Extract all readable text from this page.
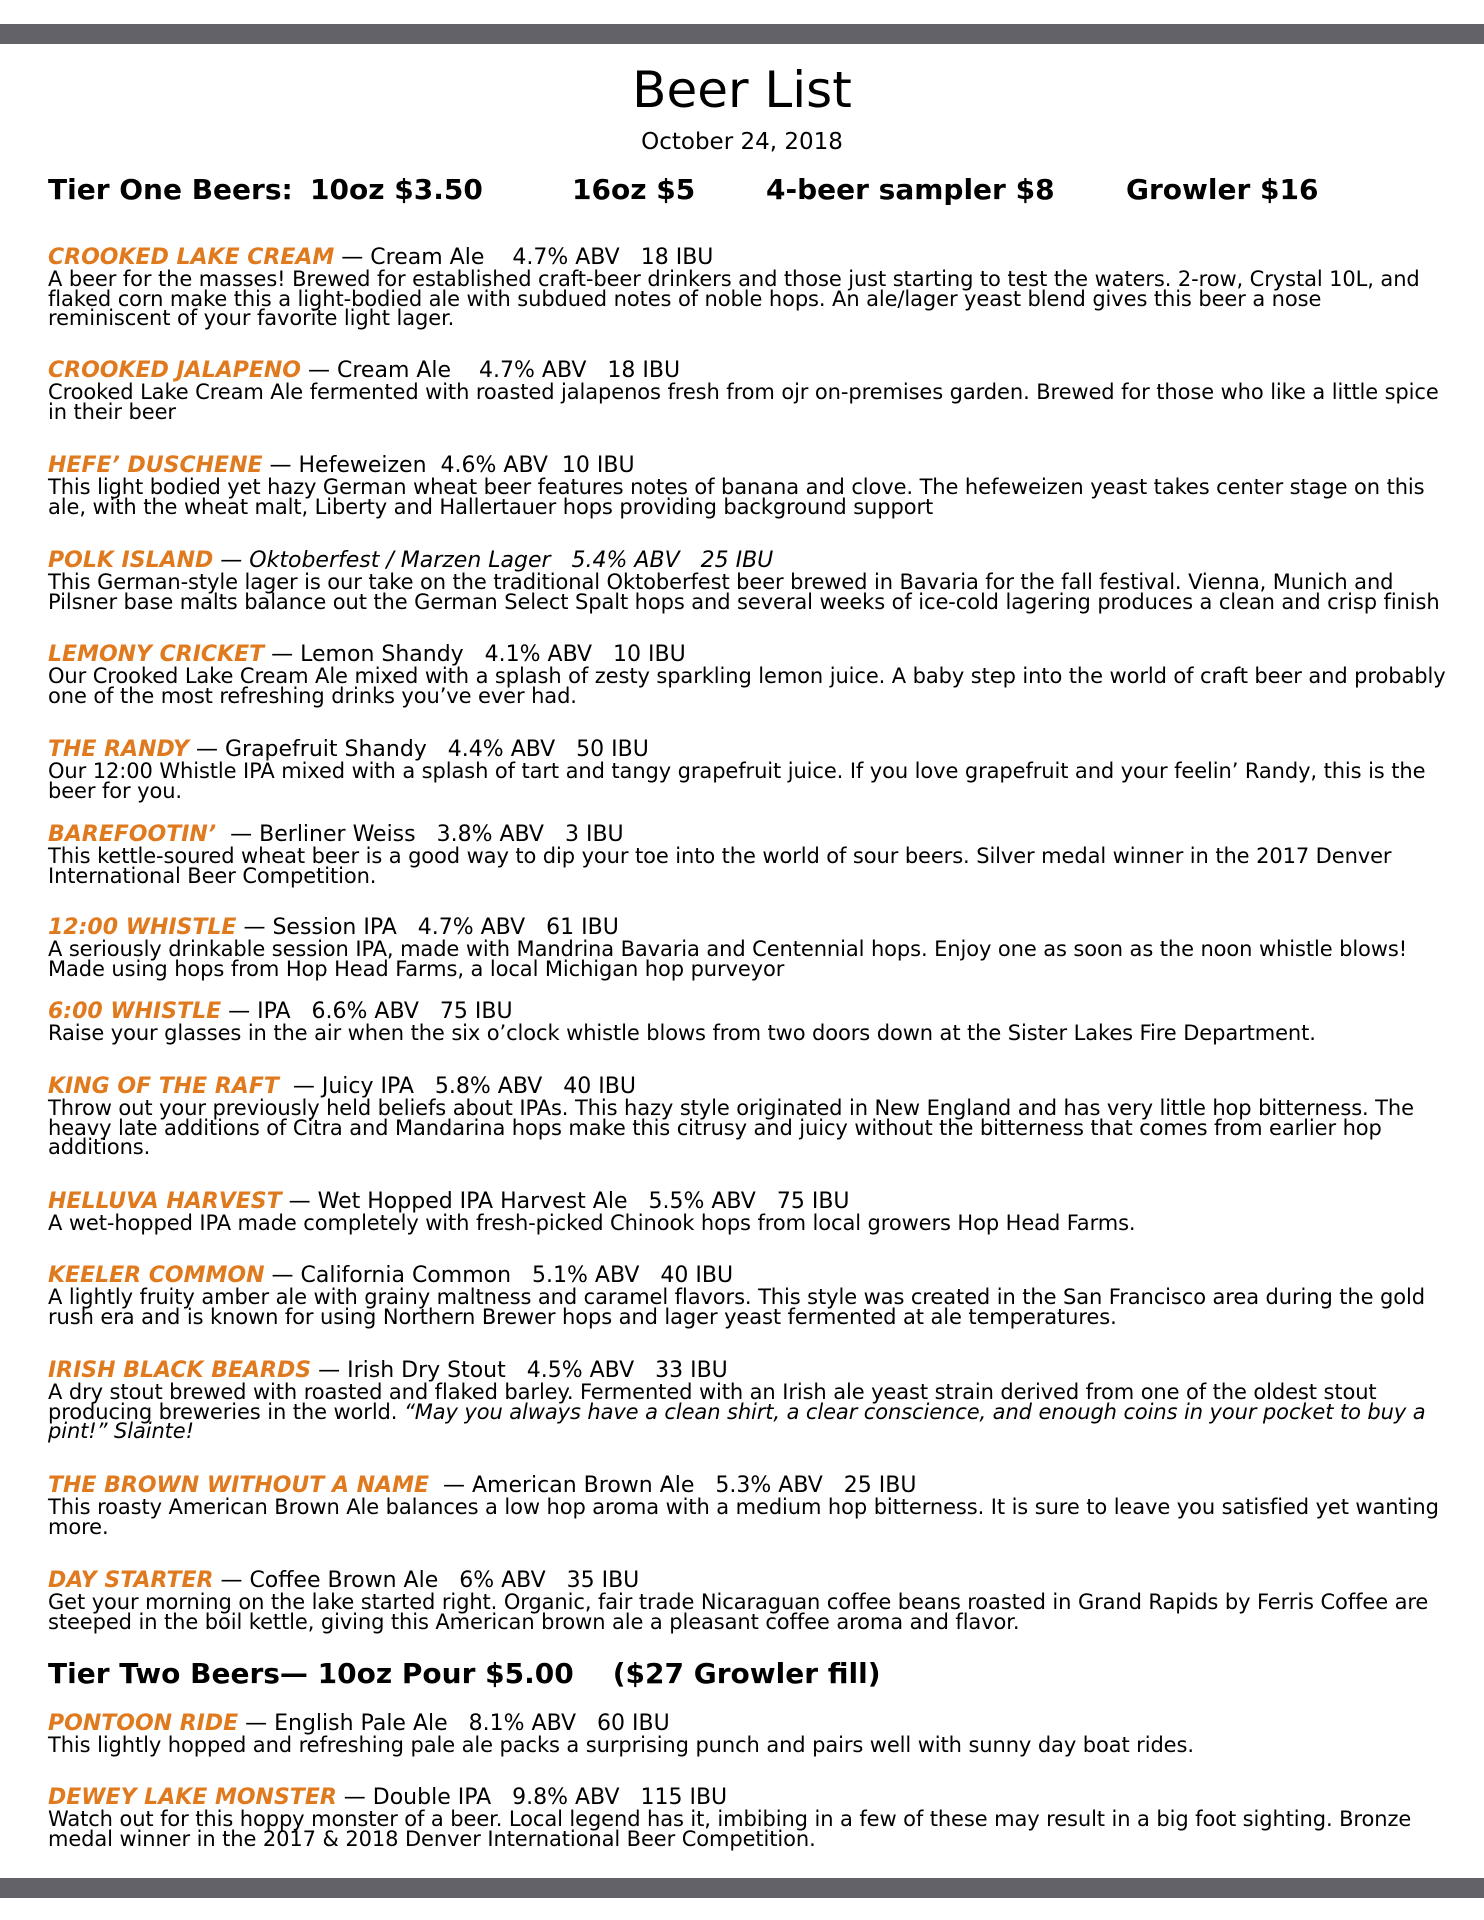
Beer List
October 24, 2018
Tier One Beers: 10oz $3.50	16oz $5	4-beer sampler $8	Growler $16
CROOKED LAKE CREAM — Cream Ale    4.7% ABV   18 IBU
A beer for the masses! Brewed for established craft-beer drinkers and those just starting to test the waters. 2-row, Crystal 10L, and flaked corn make this a light-bodied ale with subdued notes of noble hops. An ale/lager yeast blend gives this beer a nose reminiscent of your favorite light lager.
CROOKED JALAPENO — Cream Ale    4.7% ABV   18 IBU
Crooked Lake Cream Ale fermented with roasted jalapenos fresh from ojr on-premises garden. Brewed for those who like a little spice in their beer
HEFE’ DUSCHENE — Hefeweizen  4.6% ABV  10 IBU
This light bodied yet hazy German wheat beer features notes of banana and clove. The hefeweizen yeast takes center stage on this ale, with the wheat malt, Liberty and Hallertauer hops providing background support
POLK ISLAND — Oktoberfest / Marzen Lager   5.4% ABV   25 IBU
This German-style lager is our take on the traditional Oktoberfest beer brewed in Bavaria for the fall festival. Vienna, Munich and Pilsner base malts balance out the German Select Spalt hops and several weeks of ice-cold lagering produces a clean and crisp finish
LEMONY CRICKET — Lemon Shandy   4.1% ABV   10 IBU
Our Crooked Lake Cream Ale mixed with a splash of zesty sparkling lemon juice. A baby step into the world of craft beer and probably one of the most refreshing drinks you’ve ever had.
THE RANDY — Grapefruit Shandy   4.4% ABV   50 IBU
Our 12:00 Whistle IPA mixed with a splash of tart and tangy grapefruit juice. If you love grapefruit and your feelin’ Randy, this is the beer for you.
BAREFOOTIN’  — Berliner Weiss   3.8% ABV   3 IBU
This kettle-soured wheat beer is a good way to dip your toe into the world of sour beers. Silver medal winner in the 2017 Denver International Beer Competition.
12:00 WHISTLE — Session IPA   4.7% ABV   61 IBU
A seriously drinkable session IPA, made with Mandrina Bavaria and Centennial hops. Enjoy one as soon as the noon whistle blows! Made using hops from Hop Head Farms, a local Michigan hop purveyor
6:00 WHISTLE — IPA   6.6% ABV   75 IBU
Raise your glasses in the air when the six o’clock whistle blows from two doors down at the Sister Lakes Fire Department.
KING OF THE RAFT  — Juicy IPA   5.8% ABV   40 IBU
Throw out your previously held beliefs about IPAs. This hazy style originated in New England and has very little hop bitterness. The heavy late additions of Citra and Mandarina hops make this citrusy and juicy without the bitterness that comes from earlier hop additions.
HELLUVA HARVEST — Wet Hopped IPA Harvest Ale   5.5% ABV   75 IBU
A wet-hopped IPA made completely with fresh-picked Chinook hops from local growers Hop Head Farms.
KEELER COMMON — California Common   5.1% ABV   40 IBU
A lightly fruity amber ale with grainy maltness and caramel flavors. This style was created in the San Francisco area during the gold rush era and is known for using Northern Brewer hops and lager yeast fermented at ale temperatures.
IRISH BLACK BEARDS — Irish Dry Stout   4.5% ABV   33 IBU
A dry stout brewed with roasted and flaked barley. Fermented with an Irish ale yeast strain derived from one of the oldest stout producing breweries in the world. “May you always have a clean shirt, a clear conscience, and enough coins in your pocket to buy a pint!” Slainte!
THE BROWN WITHOUT A NAME  — American Brown Ale   5.3% ABV   25 IBU
This roasty American Brown Ale balances a low hop aroma with a medium hop bitterness. It is sure to leave you satisfied yet wanting more.
DAY STARTER — Coffee Brown Ale   6% ABV   35 IBU
Get your morning on the lake started right. Organic, fair trade Nicaraguan coffee beans roasted in Grand Rapids by Ferris Coffee are steeped in the boil kettle, giving this American brown ale a pleasant coffee aroma and flavor.
Tier Two Beers— 10oz Pour $5.00    ($27 Growler fill)
PONTOON RIDE — English Pale Ale   8.1% ABV   60 IBU
This lightly hopped and refreshing pale ale packs a surprising punch and pairs well with sunny day boat rides.
DEWEY LAKE MONSTER — Double IPA   9.8% ABV   115 IBU
Watch out for this hoppy monster of a beer. Local legend has it, imbibing in a few of these may result in a big foot sighting. Bronze medal winner in the 2017 & 2018 Denver International Beer Competition.
